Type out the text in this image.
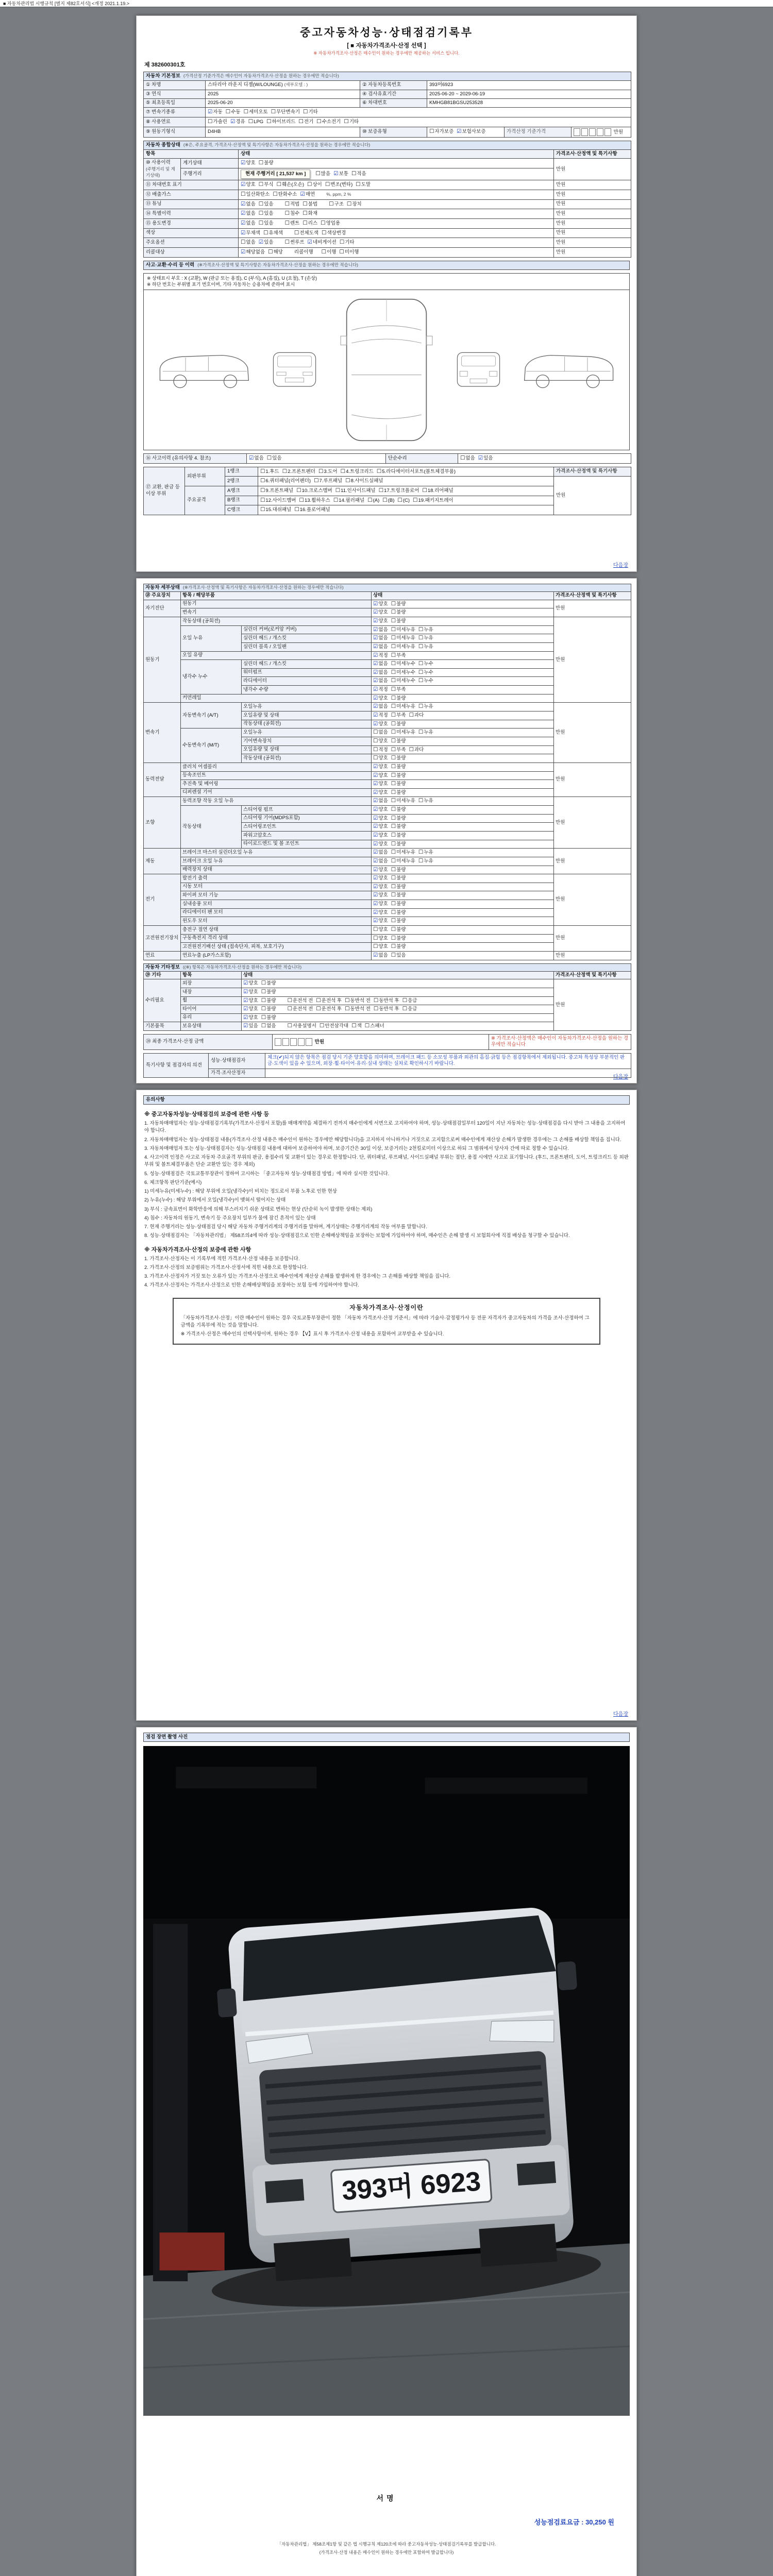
■ 자동차관리법 시행규칙 [별지 제82호서식] <개정 2021.1.19.>
중고자동차성능·상태점검기록부
[ ■ 자동차가격조사·산정 선택 ]
※ 자동차가격조사·산정은 매수인이 원하는 경우에만 제공하는 서비스 입니다.
제 382600301호
자동차 기본정보 (가격산정 기준가격은 매수인이 자동차가격조사·산정을 원하는 경우에만 적습니다)					
① 차명	스타리아 라운지 디젤(W/LOUNGE) (세부모델 : )	② 자동차등록번호	393머6923		
③ 연식	2025	④ 검사유효기간	2025-06-20 ~ 2029-06-19		
⑤ 최초등록일	2025-06-20	⑥ 차대번호	KMHGB81BGSU253528		
⑦ 변속기종류	☑자동 ☐수동 ☐세미오토 ☐무단변속기 ☐기타				
⑧ 사용연료	☐가솔린 ☑경유 ☐LPG ☐하이브리드 ☐전기 ☐수소전기 ☐기타				
⑨ 원동기형식	D4HB	⑩ 보증유형	☐자가보증 ☑보험사보증	가격산정 기준가격	만원
자동차 종합상태 (※은, 주요골격, 가격조사·산정액 및 특기사항은 자동차가격조사·산정을 원하는 경우에만 적습니다)			
항목		상태	가격조사·산정액 및 특기사항
⑩ 사용이력
(주행거리 및 계기상태)	계기상태	☑양호 ☐불량	만원
	주행거리	현재 주행거리 [ 21,537 km ] ☐많음 ☑보통 ☐적음	
⑪ 차대번호 표기		☑양호 ☐부식 ☐훼손(오손) ☐상이 ☐변조(변타) ☐도말	만원
⑫ 배출가스		☐일산화탄소 ☐탄화수소 ☑매연 %, ppm, 2 %	만원
⑬ 튜닝		☑없음 ☐있음 ☐적법 ☐불법 ☐구조 ☐장치	만원
⑭ 특별이력		☑없음 ☐있음 ☐침수 ☐화재	만원
⑮ 용도변경		☑없음 ☐있음 ☐렌트 ☐리스 ☐영업용	만원
색상		☑무채색 ☐유채색 ☐전체도색 ☐색상변경	만원
주요옵션		☐없음 ☑있음 ☐썬루프 ☑네비게이션 ☐기타	만원
리콜대상		☑해당없음 ☐해당 리콜이행 ☐이행 ☐미이행	만원
사고·교환·수리 등 이력 (※가격조사·산정액 및 특기사항은 자동차가격조사·산정을 원하는 경우에만 적습니다)
※ 상태표시 부호 : X (교환), W (판금 또는 용접), C (부식), A (흠집), U (요철), T (손상)
※ 하단 번호는 부위별 표기 번호이며, 기타 자동차는 승용차에 준하여 표시
⑯ 사고이력 (유의사항 4. 참조)	☑없음 ☐있음	단순수리	☐없음 ☑있음
⑰ 교환, 판금 등 이상 부위	외판부위	1랭크	☐1.후드 ☐2.프론트펜더 ☐3.도어 ☐4.트렁크리드 ☐5.라디에이터서포트(볼트체결부품)	가격조사·산정액 및 특기사항
		2랭크	☐6.쿼터패널(리어펜더) ☐7.루프패널 ☐8.사이드실패널	만원
	주요골격	A랭크	☐9.프론트패널 ☐10.크로스멤버 ☐11.인사이드패널 ☐17.트렁크플로어 ☐18.리어패널	
		B랭크	☐12.사이드멤버 ☐13.휠하우스 ☐14.필러패널 ☐(A) ☐(B) ☐(C) ☐19.패키지트레이	
		C랭크	☐15.대쉬패널 ☐16.플로어패널	
다음장
자동차 세부상태 (※가격조사·산정액 및 특기사항은 자동차가격조사·산정을 원하는 경우에만 적습니다)				
⑱ 주요장치	항목 / 해당부품		상태	가격조사·산정액 및 특기사항
자기진단	원동기		☑양호 ☐불량	만원
	변속기		☑양호 ☐불량	
원동기	작동상태 (공회전)		☑양호 ☐불량	만원
	오일 누유	실린더 커버(로커암 커버)	☑없음 ☐미세누유 ☐누유	
		실린더 헤드 / 개스킷	☑없음 ☐미세누유 ☐누유	
		실린더 블록 / 오일팬	☑없음 ☐미세누유 ☐누유	
	오일 유량		☑적정 ☐부족	
	냉각수 누수	실린더 헤드 / 개스킷	☑없음 ☐미세누수 ☐누수	
		워터펌프	☑없음 ☐미세누수 ☐누수	
		라디에이터	☑없음 ☐미세누수 ☐누수	
		냉각수 수량	☑적정 ☐부족	
	커먼레일		☑양호 ☐불량	
변속기	자동변속기 (A/T)	오일누유	☑없음 ☐미세누유 ☐누유	만원
		오일유량 및 상태	☑적정 ☐부족 ☐과다	
		작동상태 (공회전)	☑양호 ☐불량	
	수동변속기 (M/T)	오일누유	☐없음 ☐미세누유 ☐누유	
		기어변속장치	☐양호 ☐불량	
		오일유량 및 상태	☐적정 ☐부족 ☐과다	
		작동상태 (공회전)	☐양호 ☐불량	
동력전달	클러치 어셈블리		☑양호 ☐불량	만원
	등속조인트		☑양호 ☐불량	
	추진축 및 베어링		☑양호 ☐불량	
	디퍼렌셜 기어		☑양호 ☐불량	
조향	동력조향 작동 오일 누유		☑없음 ☐미세누유 ☐누유	만원
	작동상태	스티어링 펌프	☑양호 ☐불량	
		스티어링 기어(MDPS포함)	☑양호 ☐불량	
		스티어링조인트	☑양호 ☐불량	
		파워고압호스	☑양호 ☐불량	
		타이로드엔드 및 볼 조인트	☑양호 ☐불량	
제동	브레이크 마스터 실린더오일 누유		☑없음 ☐미세누유 ☐누유	만원
	브레이크 오일 누유		☑없음 ☐미세누유 ☐누유	
	배력장치 상태		☑양호 ☐불량	
전기	발전기 출력		☑양호 ☐불량	만원
	시동 모터		☑양호 ☐불량	
	와이퍼 모터 기능		☑양호 ☐불량	
	실내송풍 모터		☑양호 ☐불량	
	라디에이터 팬 모터		☑양호 ☐불량	
	윈도우 모터		☑양호 ☐불량	
고전원전기장치	충전구 절연 상태		☐양호 ☐불량	만원
	구동축전지 격리 상태		☐양호 ☐불량	
	고전원전기배선 상태 (접속단자, 피복, 보호기구)		☐양호 ☐불량	
연료	연료누출 (LP가스포함)		☑없음 ☐있음	만원
자동차 기타정보 ((※) 항목은 자동차가격조사·산정을 원하는 경우에만 적습니다)			
⑲ 기타	항목	상태	가격조사·산정액 및 특기사항
수리필요	외장	☑양호 ☐불량	만원
	내장	☑양호 ☐불량	
	휠	☑양호 ☐불량 ☐운전석 전 ☐운전석 후 ☐동반석 전 ☐동반석 후 ☐응급	
	타이어	☑양호 ☐불량 ☐운전석 전 ☐운전석 후 ☐동반석 전 ☐동반석 후 ☐응급	
	유리	☑양호 ☐불량	
기본품목	보유상태	☑있음 ☐없음 ☐사용설명서 ☐안전삼각대 ☐잭 ☐스패너	
⑳ 최종 가격조사·산정 금액	만원	※ 가격조사·산정액은 매수인이 자동차가격조사·산정을 원하는 경우에만 적습니다
특기사항 및 점검자의 의견	성능·상태점검자	체크(✔)되지 않은 항목은 점검 당시 기준 양호함을 의미하며, 브레이크 패드 등 소모성 부품과 외관의 흠집·긁힘 등은 점검항목에서 제외됩니다. 중고차 특성상 부분적인 판금·도색이 있을 수 있으며, 외장·휠·타이어·유리·실내 상태는 실차로 확인하시기 바랍니다.
	가격·조사산정자	
다음장
유의사항
※ 중고자동차성능·상태점검의 보증에 관한 사항 등
1. 자동차매매업자는 성능·상태점검기록부(가격조사·산정서 포함)를 매매계약을 체결하기 전까지 매수인에게 서면으로 고지하여야 하며, 성능·상태점검일부터 120일이 지난 자동차는 성능·상태점검을 다시 받아 그 내용을 고지하여야 합니다.
2. 자동차매매업자는 성능·상태점검 내용(가격조사·산정 내용은 매수인이 원하는 경우에만 해당합니다)을 고지하지 아니하거나 거짓으로 고지함으로써 매수인에게 재산상 손해가 발생한 경우에는 그 손해를 배상할 책임을 집니다.
3. 자동차매매업자 또는 성능·상태점검자는 성능·상태점검 내용에 대하여 보증하여야 하며, 보증기간은 30일 이상, 보증거리는 2천킬로미터 이상으로 하되 그 범위에서 당사자 간에 따로 정할 수 있습니다.
4. 사고이력 인정은 사고로 자동차 주요골격 부위의 판금, 용접수리 및 교환이 있는 경우로 한정합니다. 단, 쿼터패널, 루프패널, 사이드실패널 부위는 절단, 용접 시에만 사고로 표기합니다. (후드, 프론트펜더, 도어, 트렁크리드 등 외판 부위 및 볼트체결부품은 단순 교환만 있는 경우 제외)
5. 성능·상태점검은 국토교통부장관이 정하여 고시하는 「중고자동차 성능·상태점검 방법」에 따라 실시한 것입니다.
6. 체크항목 판단기준(예시)
1) 미세누유(미세누수) : 해당 부위에 오일(냉각수)이 비치는 정도로서 부품 노후로 인한 현상
2) 누유(누수) : 해당 부위에서 오일(냉각수)이 맺혀서 떨어지는 상태
3) 부식 : 금속표면이 화학반응에 의해 부스러지기 쉬운 상태로 변하는 현상 (단순히 녹이 발생한 상태는 제외)
4) 침수 : 자동차의 원동기, 변속기 등 주요장치 일부가 물에 잠긴 흔적이 있는 상태
7. 현재 주행거리는 성능·상태점검 당시 해당 자동차 주행거리계의 주행거리를 말하며, 계기상태는 주행거리계의 작동 여부를 말합니다.
8. 성능·상태점검자는 「자동차관리법」 제58조의4에 따라 성능·상태점검으로 인한 손해배상책임을 보장하는 보험에 가입하여야 하며, 매수인은 손해 발생 시 보험회사에 직접 배상을 청구할 수 있습니다.
※ 자동차가격조사·산정의 보증에 관한 사항
1. 가격조사·산정자는 이 기록부에 적힌 가격조사·산정 내용을 보증합니다.
2. 가격조사·산정의 보증범위는 가격조사·산정서에 적힌 내용으로 한정합니다.
3. 가격조사·산정자가 거짓 또는 오류가 있는 가격조사·산정으로 매수인에게 재산상 손해를 발생하게 한 경우에는 그 손해를 배상할 책임을 집니다.
4. 가격조사·산정자는 가격조사·산정으로 인한 손해배상책임을 보장하는 보험 등에 가입하여야 합니다.
자동차가격조사·산정이란
「자동차가격조사·산정」이란 매수인이 원하는 경우 국토교통부장관이 정한 「자동차 가격조사·산정 기준서」에 따라 기술사·감정평가사 등 전문 자격자가 중고자동차의 가격을 조사·산정하여 그 금액을 기록부에 적는 것을 말합니다.
※ 가격조사·산정은 매수인의 선택사항이며, 원하는 경우 【Ⅴ】표시 후 가격조사·산정 내용을 포함하여 교부받을 수 있습니다.
다음장
점검 장면 촬영 사진
393머 6923
서명
성능점검료요금 : 30,250 원
「자동차관리법」 제58조제1항 및 같은 법 시행규칙 제120조에 따라 중고자동차성능·상태점검기록부를 발급합니다.
(가격조사·산정 내용은 매수인이 원하는 경우에만 포함하여 발급합니다)
